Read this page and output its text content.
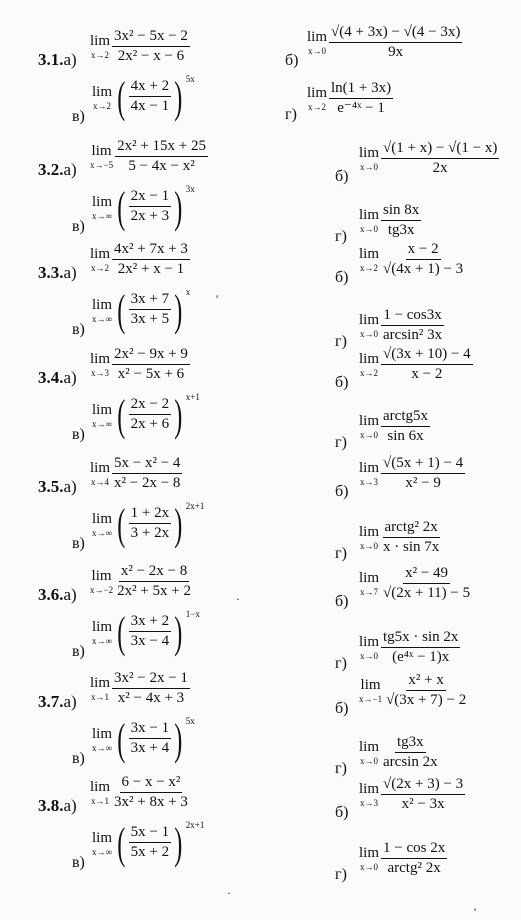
3.1.а)
lim
$x\to 2 \frac{\text{3x² − 5x − 2}}{\text{2x² − x − 6}}$
в)
lim
x→2 ( $\frac{4x + 2}{4x - 1}$ ) 5x
б)
lim
$x\to 0 \frac{√(4 + 3x) - √(4 - 3x)}{9x}$
г)
lim
$x\to 2 \frac{\ln(1 + 3x)}{\text{e⁻⁴ˣ − 1}}$
3.2.а)
lim
$x\to-5 \frac{\text{2x² + 15x + 25}}{\text{5 − 4x − x²}}$
в)
lim
x→∞ ( $\frac{2x - 1}{2x + 3}$ ) 3x
б)
lim
$x\to 0 \frac{√(1 + x) - √(1 - x)}{2x}$
г)
lim
$x\to 0 \frac{\sin 8x}{tg3x}$
3.3.а)
lim
$x\to 2 \frac{\text{4x² + 7x + 3}}{\text{2x² + x − 1}}$
в)
lim
x→∞ ( $\frac{3x + 7}{3x + 5}$ ) x
б)
lim
$x\to 2 \frac{x - 2}{√(4x + 1) - 3}$
г)
lim
$x\to 0 \frac{1 - \cos 3x}{\text{arcsin² 3x}}$
3.4.а)
lim
$x\to 3 \frac{\text{2x² − 9x + 9}}{\text{x² − 5x + 6}}$
в)
lim
x→∞ ( $\frac{2x - 2}{2x + 6}$ ) x+1
б)
lim
$x\to 2 \frac{√(3x + 10) - 4}{x - 2}$
г)
lim
$x\to 0 \frac{\text{arctg5x}}{\sin 6x}$
3.5.а)
lim
$x\to 4 \frac{\text{5x − x² − 4}}{\text{x² − 2x − 8}}$
в)
lim
x→∞ ( $\frac{1 + 2x}{3 + 2x}$ ) 2x+1
б)
lim
$x\to 3 \frac{√(5x + 1) - 4}{\text{x² − 9}}$
г)
lim
$x\to 0 \frac{\text{arctg² 2x}}{x \cdot \sin 7x}$
3.6.а)
lim
$x\to-2 \frac{\text{x² − 2x − 8}}{\text{2x² + 5x + 2}}$
в)
lim
x→∞ ( $\frac{3x + 2}{3x - 4}$ ) 1−x
б)
lim
$x\to 7 \frac{\text{x² − 49}}{√(2x + 11) - 5}$
г)
lim
$x\to 0 \frac{tg5x \cdot \sin 2x}{\text{(e⁴ˣ − 1)x}}$
3.7.а)
lim
$x\to 1 \frac{\text{3x² − 2x − 1}}{\text{x² − 4x + 3}}$
в)
lim
x→∞ ( $\frac{3x - 1}{3x + 4}$ ) 5x
б)
lim
$x\to-1 \frac{\text{x² + x}}{√(3x + 7) - 2}$
г)
lim
$x\to 0 \frac{tg3x}{\arcsin 2x}$
3.8.а)
lim
$x\to 1 \frac{\text{6 − x − x²}}{\text{3x² + 8x + 3}}$
в)
lim
x→∞ ( $\frac{5x - 1}{5x + 2}$ ) 2x+1
б)
lim
$x\to 3 \frac{√(2x + 3) - 3}{\text{x² − 3x}}$
г)
lim
$x\to 0 \frac{1 - \cos 2x}{\text{arctg² 2x}}$
'
·
·
'
